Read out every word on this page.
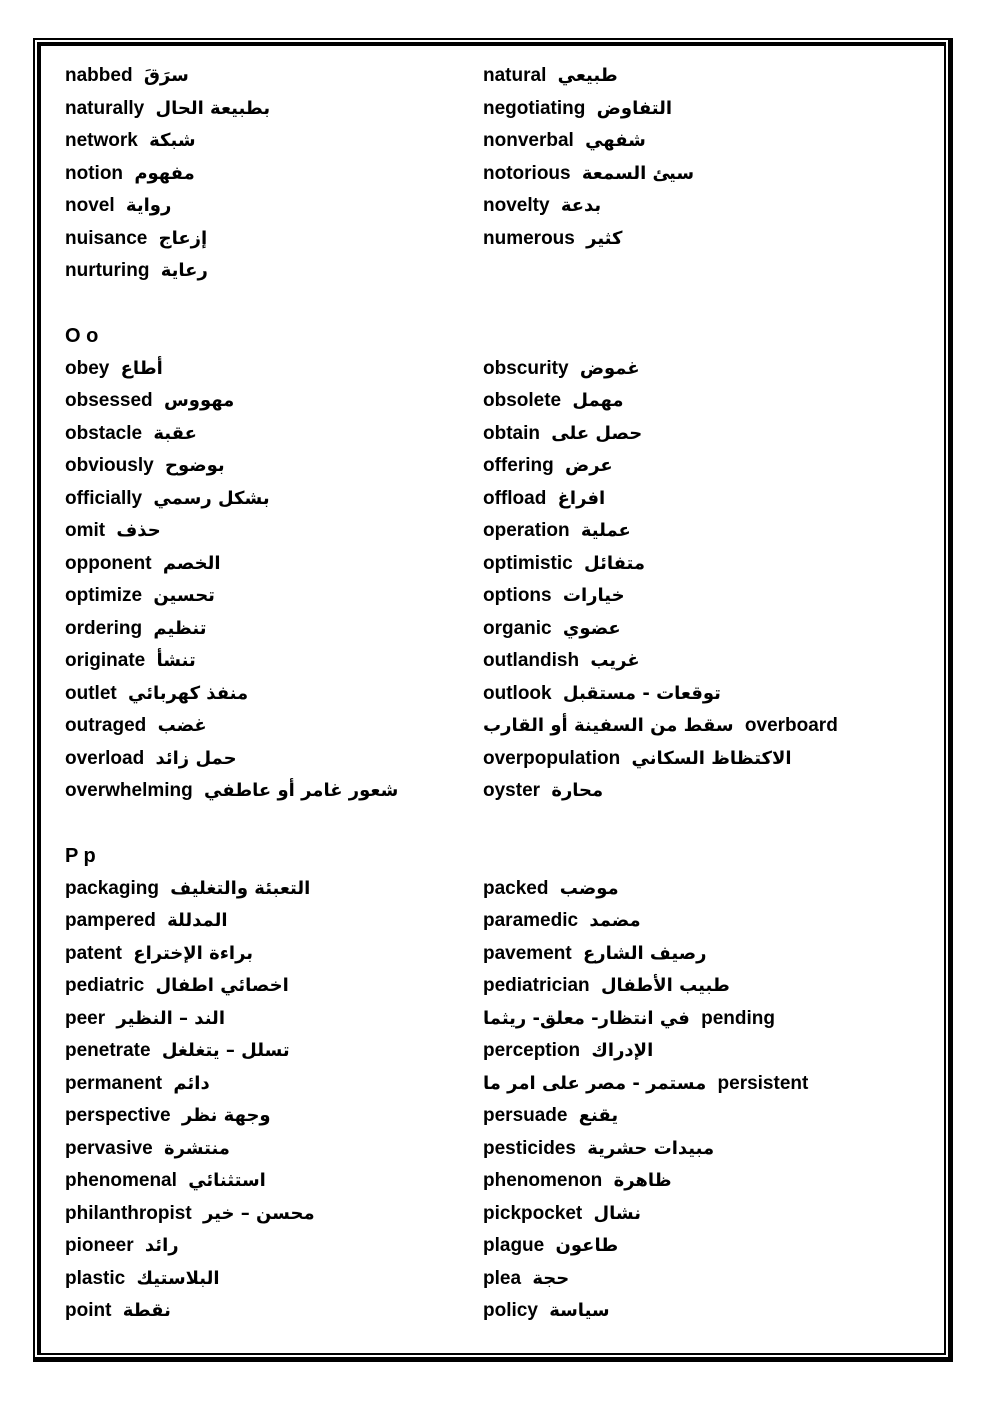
nabbed سرَقَ	natural طبيعي
naturally بطبيعة الحال	negotiating التفاوض
network شبكة	nonverbal شفهي
notion مفهوم	notorious سيئ السمعة
novel رواية	novelty بدعة
nuisance إزعاج	numerous كثير
nurturing رعاية
O o
obey أطاع	obscurity غموض
obsessed مهووس	obsolete مهمل
obstacle عقبة	obtain حصل على
obviously بوضوح	offering عرض
officially بشكل رسمي	offload افراغ
omit حذف	operation عملية
opponent الخصم	optimistic متفائل
optimize تحسين	options خيارات
ordering تنظيم	organic عضوي
originate تنشأ	outlandish غريب
outlet منفذ كهربائي	outlook توقعات - مستقبل
outraged غضب	سقط من السفينة أو القارب overboard
overload حمل زائد	overpopulation الاكتظاظ السكاني
overwhelming شعور غامر أو عاطفي	oyster محارة
P p
packaging التعبئة والتغليف	packed موضب
pampered المدللة	paramedic مضمد
patent براءة الإختراع	pavement رصيف الشارع
pediatric اخصائي اطفال	pediatrician طبيب الأطفال
peer الند – النظير	في انتظار- معلق- ريثما pending
penetrate تسلل – يتغلغل	perception الإدراك
permanent دائم	مستمر - مصر على امر ما persistent
perspective وجهة نظر	persuade يقنع
pervasive منتشرة	pesticides مبيدات حشرية
phenomenal استثنائي	phenomenon ظاهرة
philanthropist محسن – خير	pickpocket نشال
pioneer رائد	plague طاعون
plastic البلاستيك	plea حجة
point نقطة	policy سياسة
